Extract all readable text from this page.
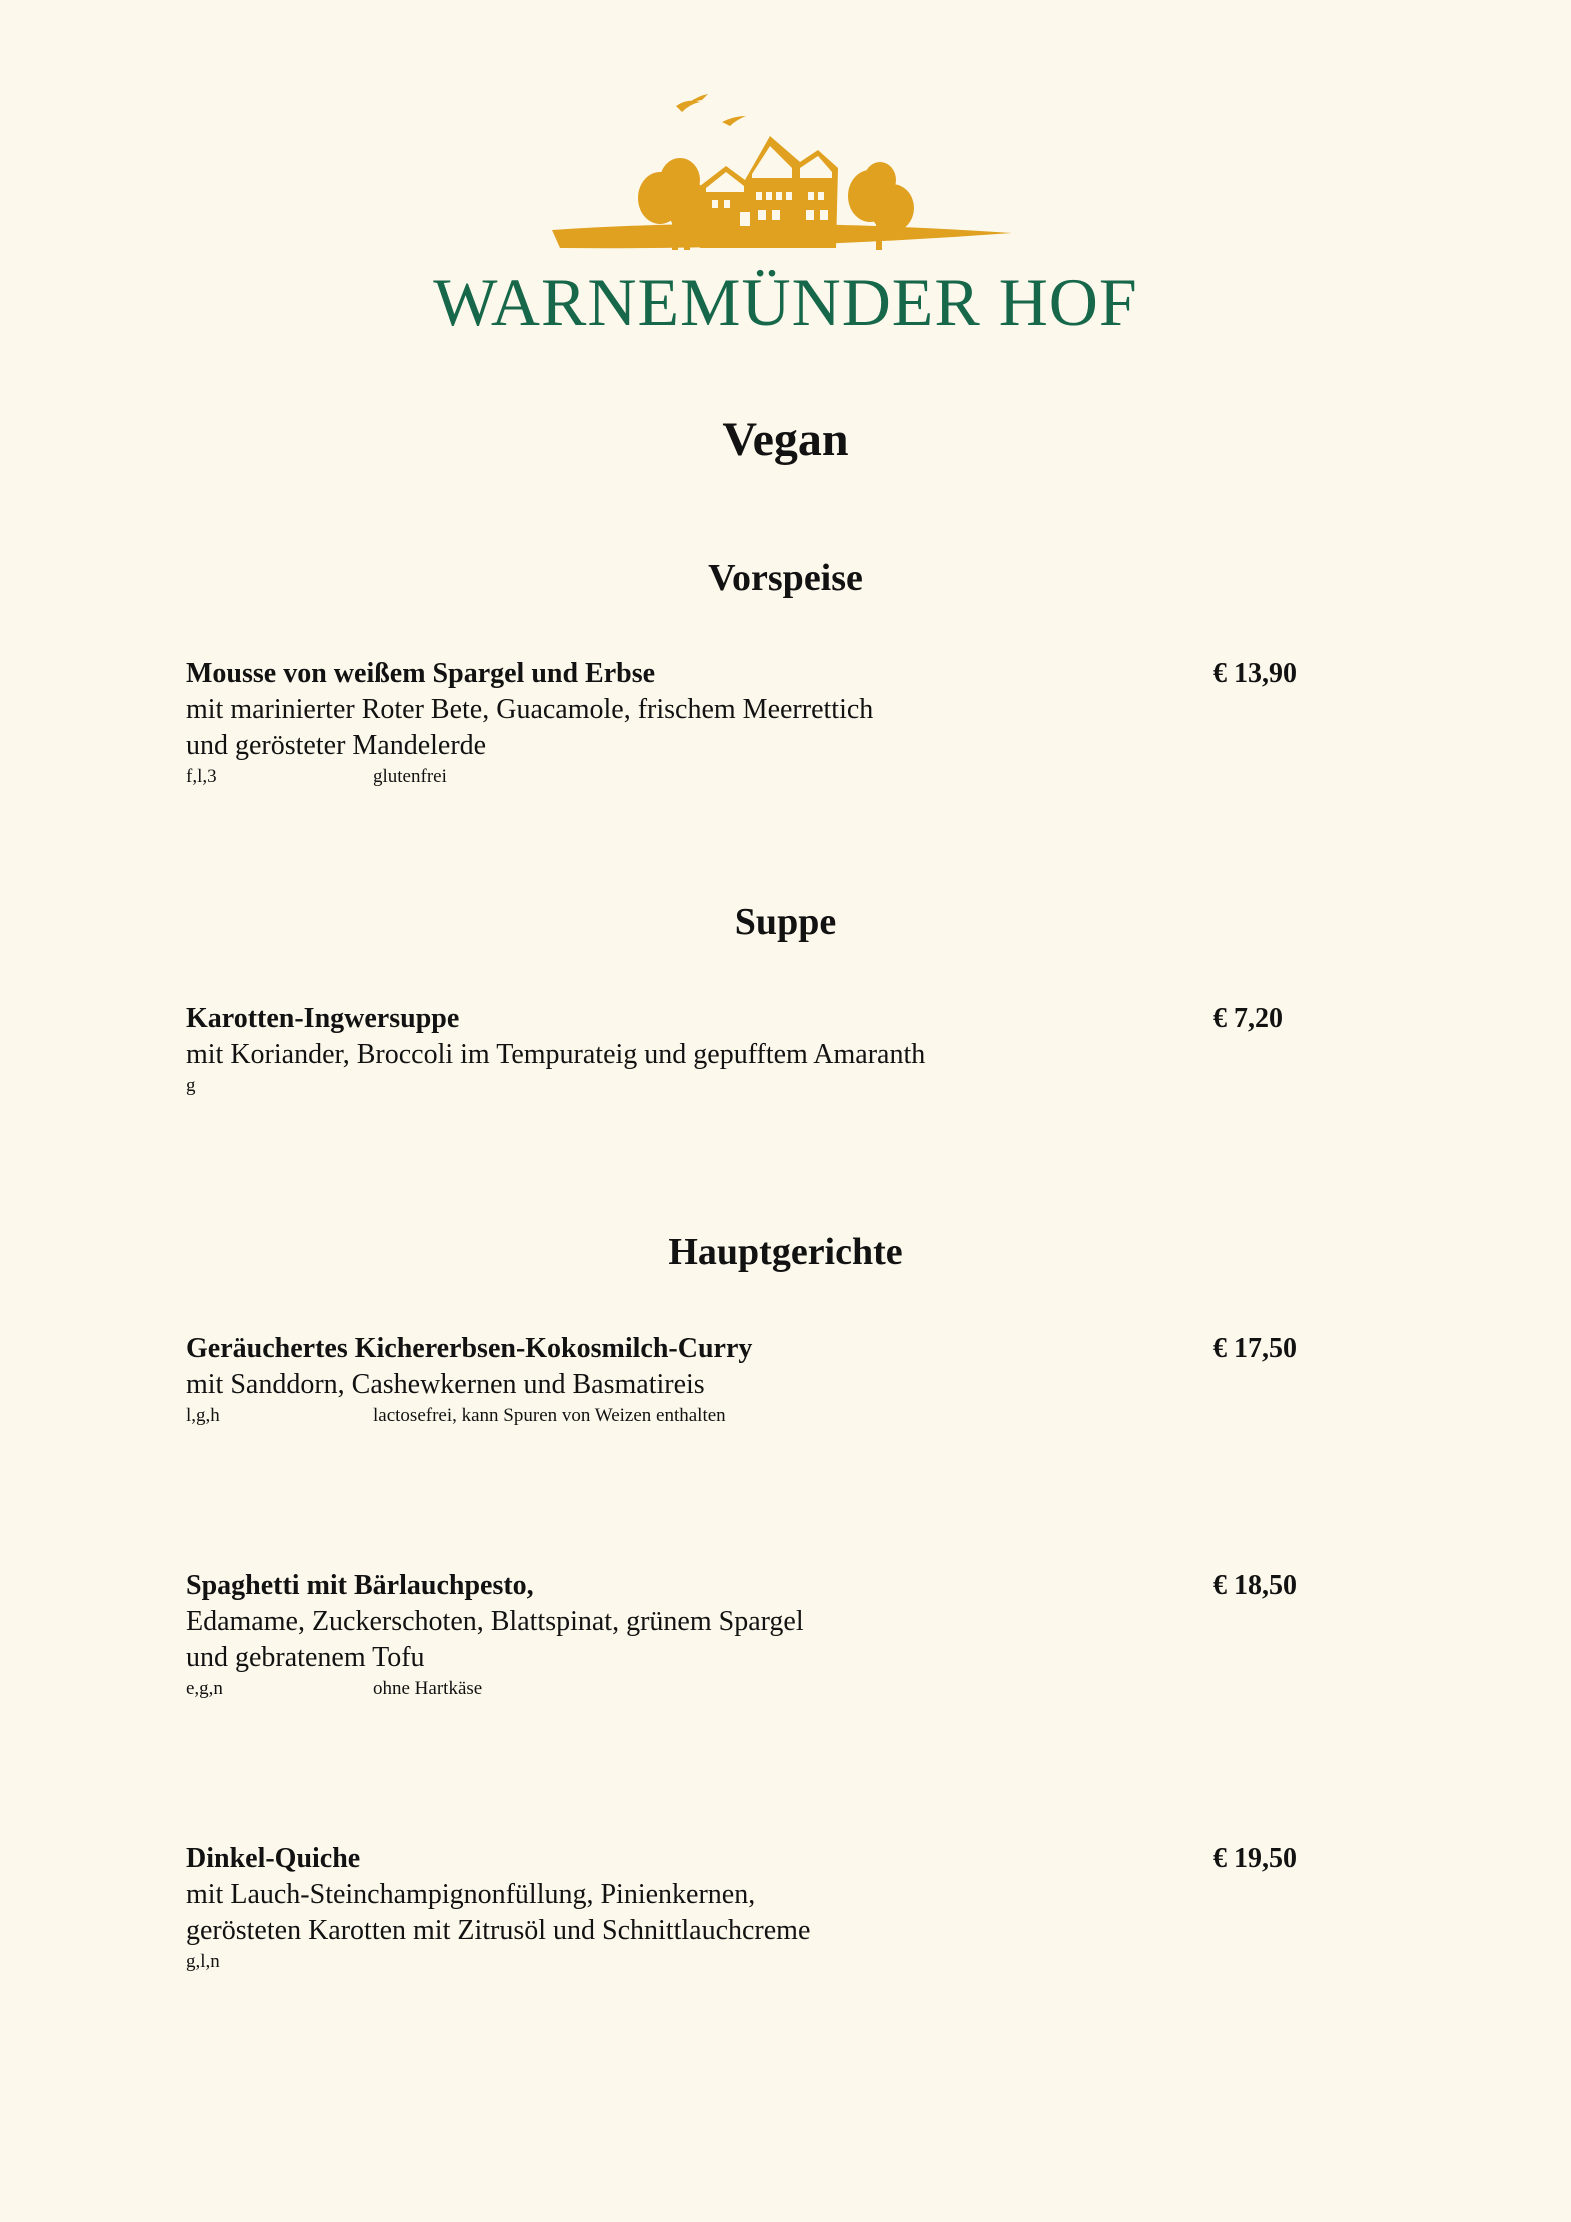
WARNEMÜNDER HOF
Vegan
Vorspeise
Mousse von weißem Spargel und Erbse	€ 13,90
mit marinierter Roter Bete, Guacamole, frischem Meerrettich
und gerösteter Mandelerde
f,l,3	glutenfrei
Suppe
Karotten-Ingwersuppe	€ 7,20
mit Koriander, Broccoli im Tempurateig und gepufftem Amaranth
g
Hauptgerichte
Geräuchertes Kichererbsen-Kokosmilch-Curry	€ 17,50
mit Sanddorn, Cashewkernen und Basmatireis
l,g,h	lactosefrei, kann Spuren von Weizen enthalten
Spaghetti mit Bärlauchpesto,	€ 18,50
Edamame, Zuckerschoten, Blattspinat, grünem Spargel
und gebratenem Tofu
e,g,n	ohne Hartkäse
Dinkel-Quiche	€ 19,50
mit Lauch-Steinchampignonfüllung, Pinienkernen,
gerösteten Karotten mit Zitrusöl und Schnittlauchcreme
g,l,n
